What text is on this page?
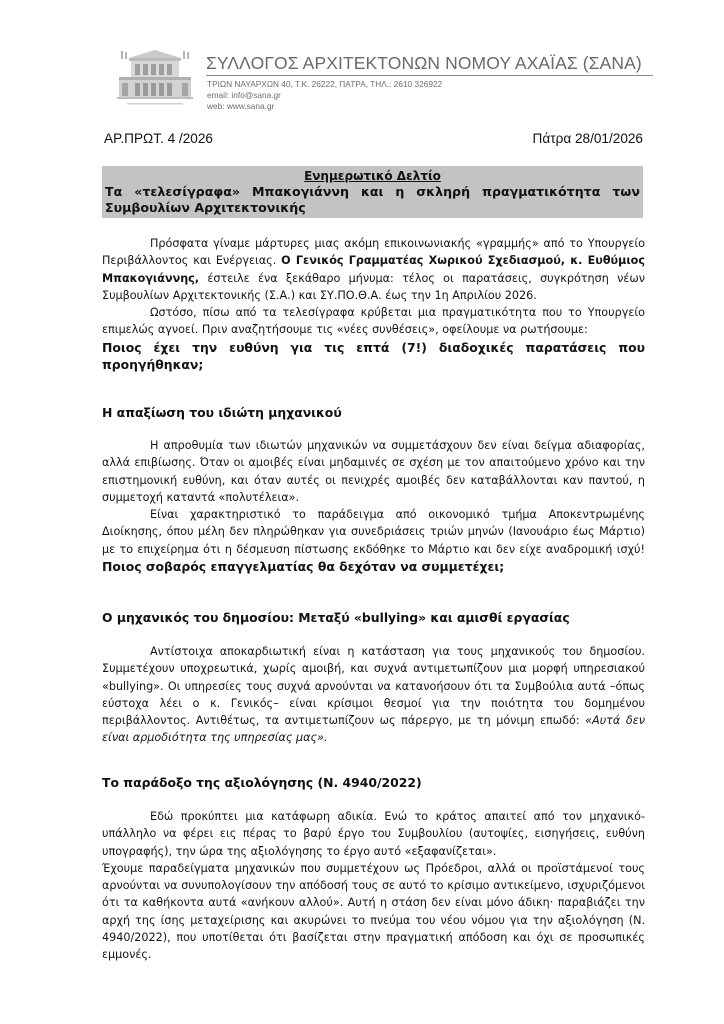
ΣΥΛΛΟΓΟΣ ΑΡΧΙΤΕΚΤΟΝΩΝ ΝΟΜΟΥ ΑΧΑΪΑΣ (ΣΑΝΑ)
ΤΡΙΩΝ ΝΑΥΑΡΧΩΝ 40, Τ.Κ. 26222, ΠΑΤΡΑ, ΤΗΛ.: 2610 326922
email: info@sana.gr
web: www.sana.gr
ΑΡ.ΠΡΩΤ. 4 /2026	Πάτρα 28/01/2026
Ενημερωτικό Δελτίο
Τα «τελεσίγραφα» Μπακογιάννη και η σκληρή πραγματικότητα των
Συμβουλίων Αρχιτεκτονικής

Πρόσφατα γίναμε μάρτυρες μιας ακόμη επικοινωνιακής «γραμμής» από το Υπουργείο Περιβάλλοντος και Ενέργειας. Ο Γενικός Γραμματέας Χωρικού Σχεδιασμού, κ. Ευθύμιος Μπακογιάννης, έστειλε ένα ξεκάθαρο μήνυμα: τέλος οι παρατάσεις, συγκρότηση νέων Συμβουλίων Αρχιτεκτονικής (Σ.Α.) και ΣΥ.ΠΟ.Θ.Α. έως την 1η Απριλίου 2026.

Ωστόσο, πίσω από τα τελεσίγραφα κρύβεται μια πραγματικότητα που το Υπουργείο επιμελώς αγνοεί. Πριν αναζητήσουμε τις «νέες συνθέσεις», οφείλουμε να ρωτήσουμε:

Ποιος έχει την ευθύνη για τις επτά (7!) διαδοχικές παρατάσεις που προηγήθηκαν;

Η απαξίωση του ιδιώτη μηχανικού

Η απροθυμία των ιδιωτών μηχανικών να συμμετάσχουν δεν είναι δείγμα αδιαφορίας, αλλά επιβίωσης. Όταν οι αμοιβές είναι μηδαμινές σε σχέση με τον απαιτούμενο χρόνο και την επιστημονική ευθύνη, και όταν αυτές οι πενιχρές αμοιβές δεν καταβάλλονται καν παντού, η συμμετοχή καταντά «πολυτέλεια».

Είναι χαρακτηριστικό το παράδειγμα από οικονομικό τμήμα Αποκεντρωμένης Διοίκησης, όπου μέλη δεν πληρώθηκαν για συνεδριάσεις τριών μηνών (Ιανουάριο έως Μάρτιο) με το επιχείρημα ότι η δέσμευση πίστωσης εκδόθηκε το Μάρτιο και δεν είχε αναδρομική ισχύ! Ποιος σοβαρός επαγγελματίας θα δεχόταν να συμμετέχει;

Ο μηχανικός του δημοσίου: Μεταξύ «bullying» και αμισθί εργασίας

Αντίστοιχα αποκαρδιωτική είναι η κατάσταση για τους μηχανικούς του δημοσίου. Συμμετέχουν υποχρεωτικά, χωρίς αμοιβή, και συχνά αντιμετωπίζουν μια μορφή υπηρεσιακού «bullying». Οι υπηρεσίες τους συχνά αρνούνται να κατανοήσουν ότι τα Συμβούλια αυτά –όπως εύστοχα λέει ο κ. Γενικός– είναι κρίσιμοι θεσμοί για την ποιότητα του δομημένου περιβάλλοντος. Αντιθέτως, τα αντιμετωπίζουν ως πάρεργο, με τη μόνιμη επωδό: «Αυτά δεν είναι αρμοδιότητα της υπηρεσίας μας».

Το παράδοξο της αξιολόγησης (Ν. 4940/2022)

Εδώ προκύπτει μια κατάφωρη αδικία. Ενώ το κράτος απαιτεί από τον μηχανικό-υπάλληλο να φέρει εις πέρας το βαρύ έργο του Συμβουλίου (αυτοψίες, εισηγήσεις, ευθύνη υπογραφής), την ώρα της αξιολόγησης το έργο αυτό «εξαφανίζεται».

Έχουμε παραδείγματα μηχανικών που συμμετέχουν ως Πρόεδροι, αλλά οι προϊστάμενοί τους αρνούνται να συνυπολογίσουν την απόδοσή τους σε αυτό το κρίσιμο αντικείμενο, ισχυριζόμενοι ότι τα καθήκοντα αυτά «ανήκουν αλλού». Αυτή η στάση δεν είναι μόνο άδικη· παραβιάζει την αρχή της ίσης μεταχείρισης και ακυρώνει το πνεύμα του νέου νόμου για την αξιολόγηση (Ν. 4940/2022), που υποτίθεται ότι βασίζεται στην πραγματική απόδοση και όχι σε προσωπικές εμμονές.
